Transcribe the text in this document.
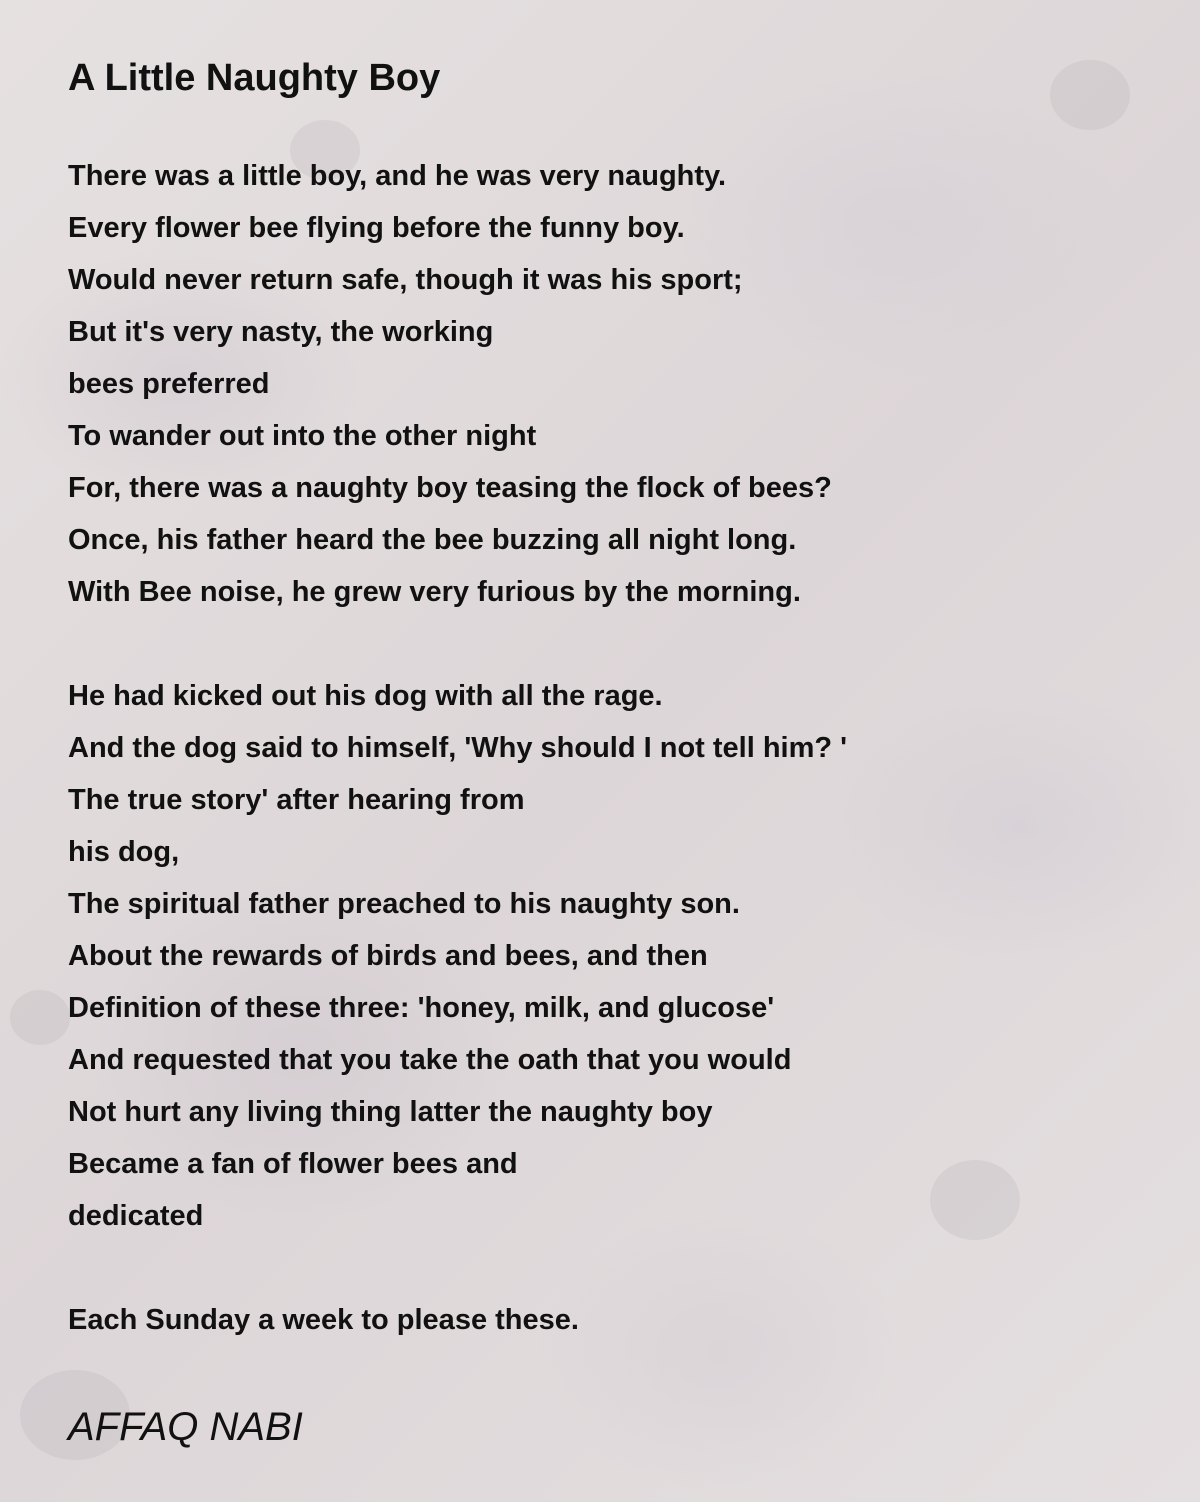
A Little Naughty Boy
There was a little boy, and he was very naughty.
Every flower bee flying before the funny boy.
Would never return safe, though it was his sport;
But it's very nasty, the working
bees preferred
To wander out into the other night
For, there was a naughty boy teasing the flock of bees?
Once, his father heard the bee buzzing all night long.
With Bee noise, he grew very furious by the morning.
He had kicked out his dog with all the rage.
And the dog said to himself, 'Why should I not tell him? '
The true story' after hearing from
his dog,
The spiritual father preached to his naughty son.
About the rewards of birds and bees, and then
Definition of these three: 'honey, milk, and glucose'
And requested that you take the oath that you would
Not hurt any living thing latter the naughty boy
Became a fan of flower bees and
dedicated
Each Sunday a week to please these.
AFFAQ NABI
